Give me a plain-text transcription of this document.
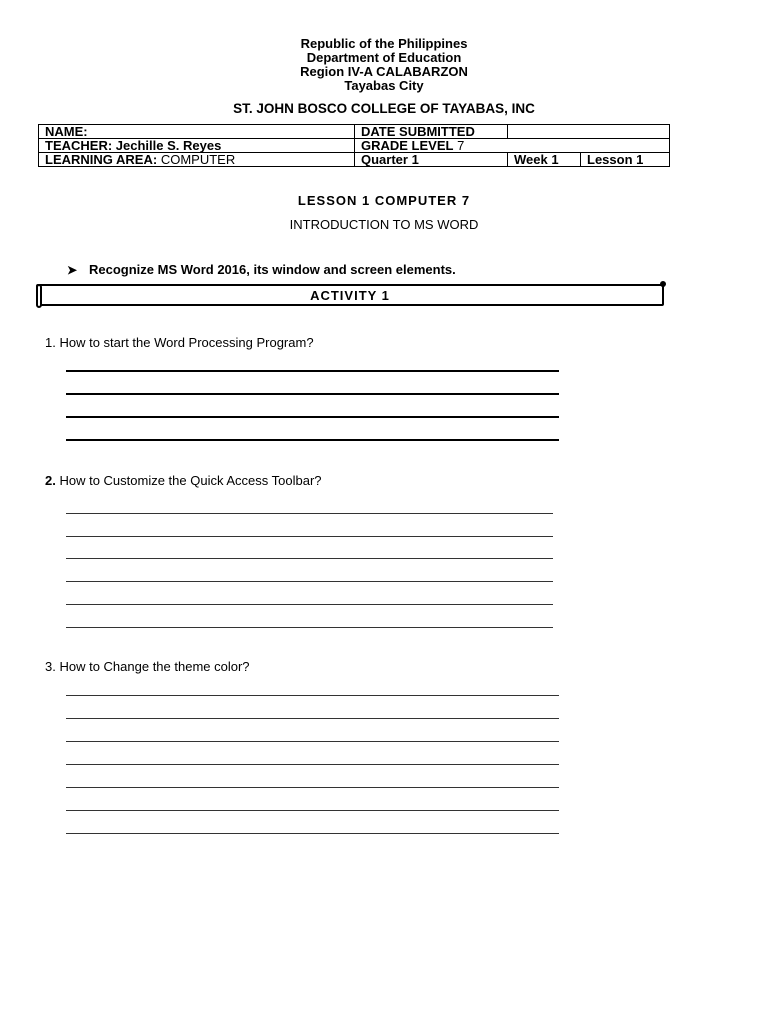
Republic of the Philippines
Department of Education
Region IV-A CALABARZON
Tayabas City
ST. JOHN BOSCO COLLEGE OF TAYABAS, INC
NAME:	DATE SUBMITTED		
TEACHER: Jechille S. Reyes	GRADE LEVEL 7		
LEARNING AREA: COMPUTER	Quarter 1	Week 1	Lesson 1
LESSON 1 COMPUTER 7
INTRODUCTION TO MS WORD
➤ Recognize MS Word 2016, its window and screen elements.
ACTIVITY 1
1. How to start the Word Processing Program?
2. How to Customize the Quick Access Toolbar?
3. How to Change the theme color?
